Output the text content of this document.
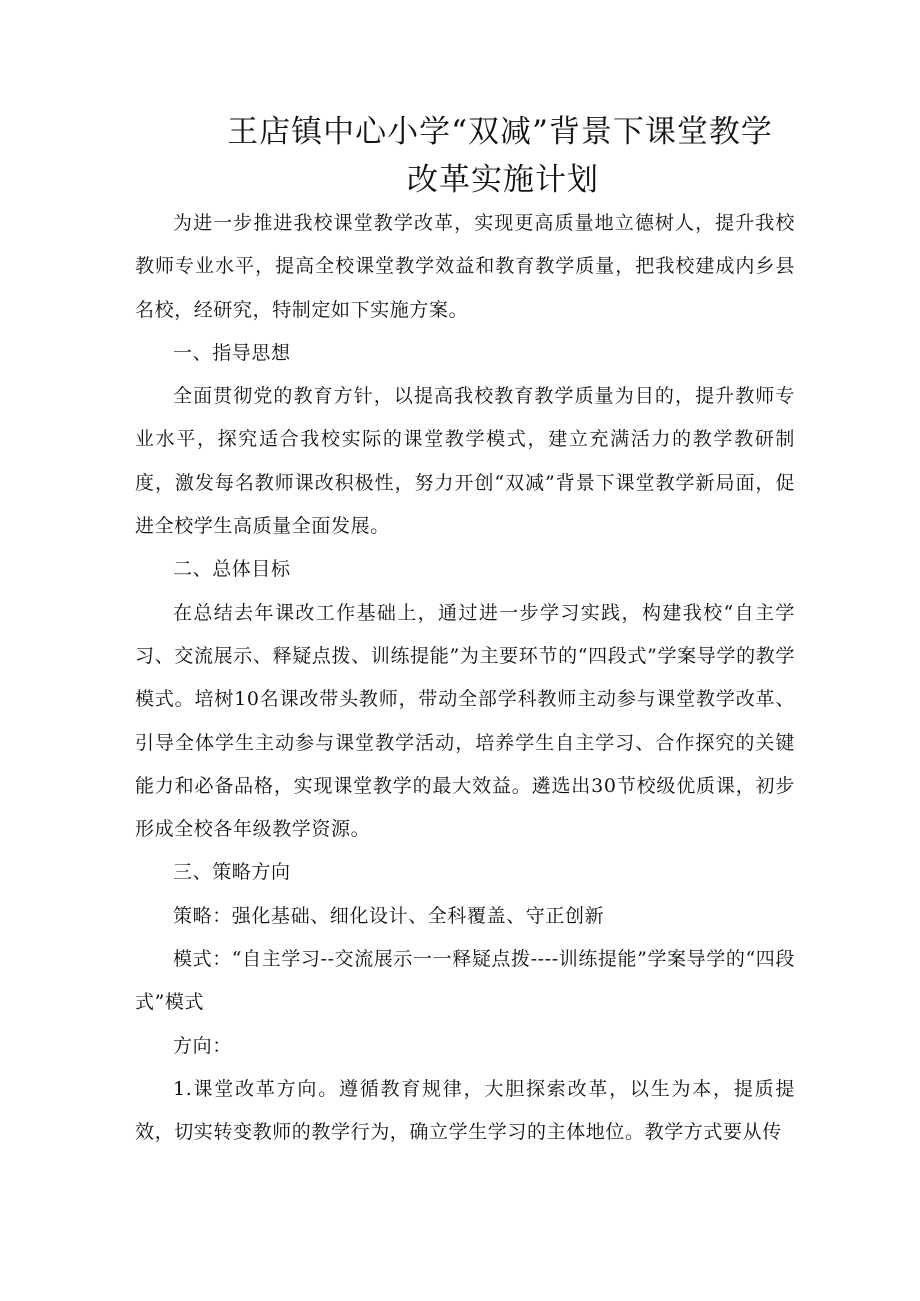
王店镇中心小学“双减”背景下课堂教学
改革实施计划

为进一步推进我校课堂教学改革，实现更高质量地立德树人，提升我校教师专业水平，提高全校课堂教学效益和教育教学质量，把我校建成内乡县名校，经研究，特制定如下实施方案。

一、指导思想

全面贯彻党的教育方针，以提高我校教育教学质量为目的，提升教师专业水平，探究适合我校实际的课堂教学模式，建立充满活力的教学教研制度，激发每名教师课改积极性，努力开创“双减”背景下课堂教学新局面，促进全校学生高质量全面发展。

二、总体目标

在总结去年课改工作基础上，通过进一步学习实践，构建我校“自主学习、交流展示、释疑点拨、训练提能”为主要环节的“四段式”学案导学的教学模式。培树10名课改带头教师，带动全部学科教师主动参与课堂教学改革、引导全体学生主动参与课堂教学活动，培养学生自主学习、合作探究的关键能力和必备品格，实现课堂教学的最大效益。遴选出30节校级优质课，初步形成全校各年级教学资源。

三、策略方向

策略：强化基础、细化设计、全科覆盖、守正创新

模式：“自主学习--交流展示一一释疑点拨----训练提能”学案导学的“四段式”模式

方向：

1.课堂改革方向。遵循教育规律，大胆探索改革，以生为本，提质提效，切实转变教师的教学行为，确立学生学习的主体地位。教学方式要从传
